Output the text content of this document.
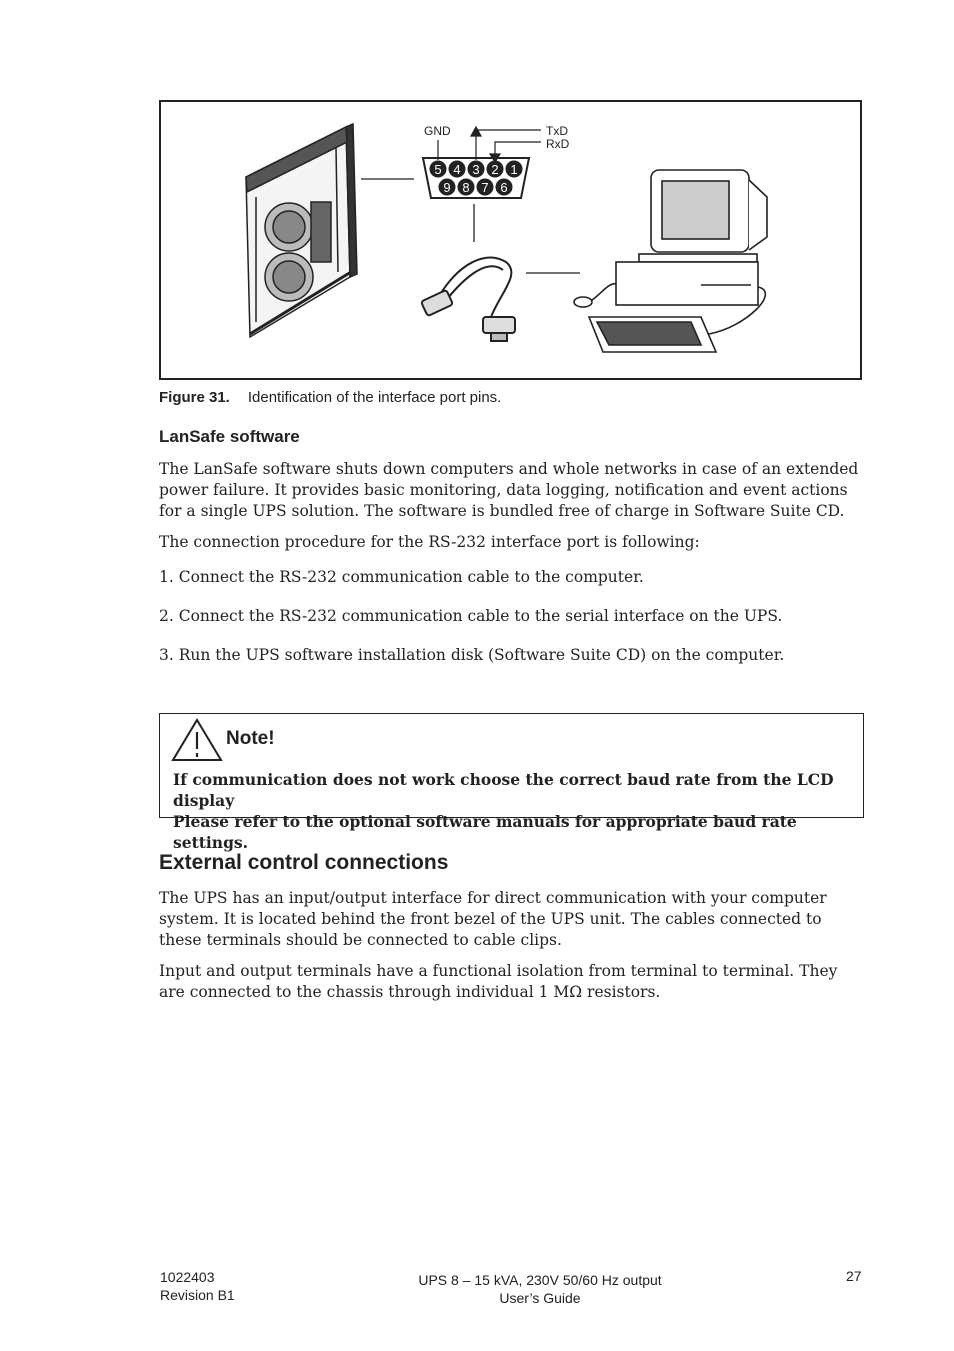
5 4 3 2 1
9 8 7 6
GND	TxD
RxD
Figure 31. Identification of the interface port pins.
LanSafe software

The LanSafe software shuts down computers and whole networks in case of an extended power failure. It provides basic monitoring, data logging, notification and event actions for a single UPS solution. The software is bundled free of charge in Software Suite CD.

The connection procedure for the RS-232 interface port is following:

1. Connect the RS-232 communication cable to the computer.

2. Connect the RS-232 communication cable to the serial interface on the UPS.

3. Run the UPS software installation disk (Software Suite CD) on the computer.

Note!
If communication does not work choose the correct baud rate from the LCD display
Please refer to the optional software manuals for appropriate baud rate settings.
External control connections

The UPS has an input/output interface for direct communication with your computer system. It is located behind the front bezel of the UPS unit. The cables connected to these terminals should be connected to cable clips.

Input and output terminals have a functional isolation from terminal to terminal. They are connected to the chassis through individual 1 MΩ resistors.

1022403
Revision B1
UPS 8 – 15 kVA, 230V 50/60 Hz output
User’s Guide
27
